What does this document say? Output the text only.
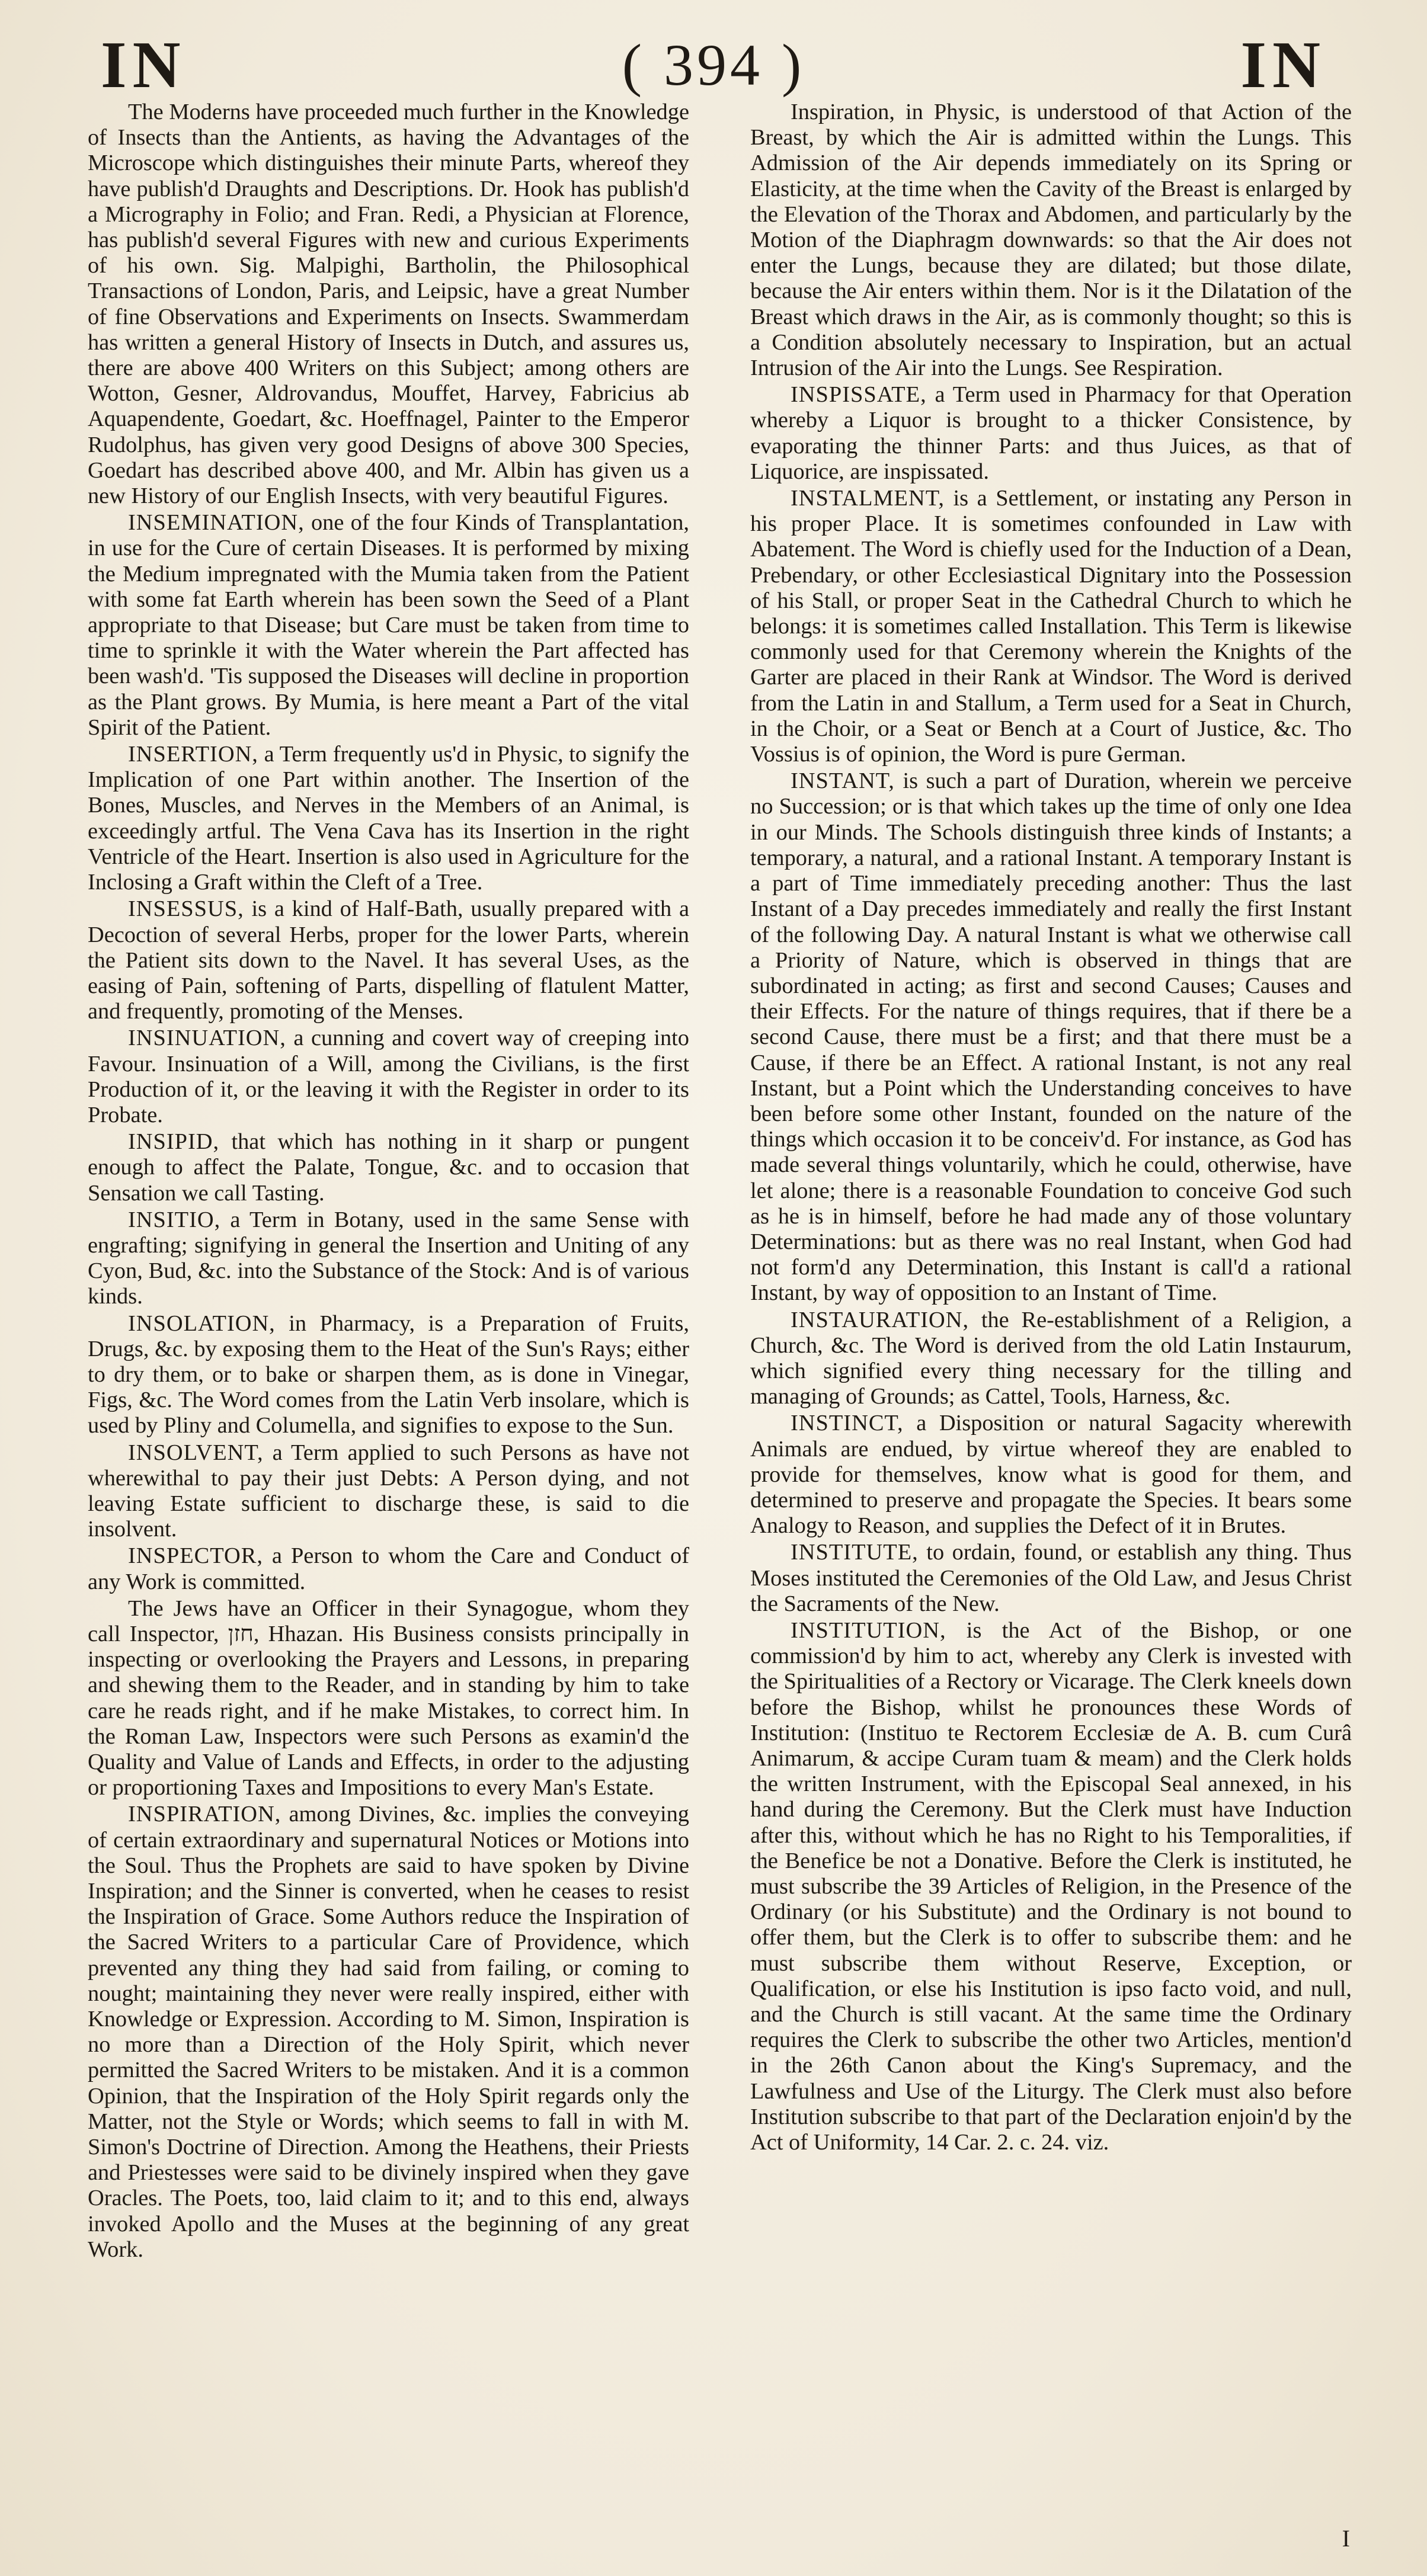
IN	( 394 )	IN

The Moderns have proceeded much further in the Knowledge of Insects than the Antients, as having the Advantages of the Microscope which distinguishes their minute Parts, whereof they have publish'd Draughts and Descriptions. Dr. Hook has publish'd a Micrography in Folio; and Fran. Redi, a Physician at Florence, has publish'd several Figures with new and curious Experiments of his own. Sig. Malpighi, Bartholin, the Philosophical Transactions of London, Paris, and Leipsic, have a great Number of fine Observations and Experiments on Insects. Swammerdam has written a general History of Insects in Dutch, and assures us, there are above 400 Writers on this Subject; among others are Wotton, Gesner, Aldrovandus, Mouffet, Harvey, Fabricius ab Aquapendente, Goedart, &c. Hoeffnagel, Painter to the Emperor Rudolphus, has given very good Designs of above 300 Species, Goedart has described above 400, and Mr. Albin has given us a new History of our English Insects, with very beautiful Figures.

INSEMINATION, one of the four Kinds of Transplantation, in use for the Cure of certain Diseases. It is performed by mixing the Medium impregnated with the Mumia taken from the Patient with some fat Earth wherein has been sown the Seed of a Plant appropriate to that Disease; but Care must be taken from time to time to sprinkle it with the Water wherein the Part affected has been wash'd. 'Tis supposed the Diseases will decline in proportion as the Plant grows. By Mumia, is here meant a Part of the vital Spirit of the Patient.

INSERTION, a Term frequently us'd in Physic, to signify the Implication of one Part within another. The Insertion of the Bones, Muscles, and Nerves in the Members of an Animal, is exceedingly artful. The Vena Cava has its Insertion in the right Ventricle of the Heart. Insertion is also used in Agriculture for the Inclosing a Graft within the Cleft of a Tree.

INSESSUS, is a kind of Half-Bath, usually prepared with a Decoction of several Herbs, proper for the lower Parts, wherein the Patient sits down to the Navel. It has several Uses, as the easing of Pain, softening of Parts, dispelling of flatulent Matter, and frequently, promoting of the Menses.

INSINUATION, a cunning and covert way of creeping into Favour. Insinuation of a Will, among the Civilians, is the first Production of it, or the leaving it with the Register in order to its Probate.

INSIPID, that which has nothing in it sharp or pungent enough to affect the Palate, Tongue, &c. and to occasion that Sensation we call Tasting.

INSITIO, a Term in Botany, used in the same Sense with engrafting; signifying in general the Insertion and Uniting of any Cyon, Bud, &c. into the Substance of the Stock: And is of various kinds.

INSOLATION, in Pharmacy, is a Preparation of Fruits, Drugs, &c. by exposing them to the Heat of the Sun's Rays; either to dry them, or to bake or sharpen them, as is done in Vinegar, Figs, &c. The Word comes from the Latin Verb insolare, which is used by Pliny and Columella, and signifies to expose to the Sun.

INSOLVENT, a Term applied to such Persons as have not wherewithal to pay their just Debts: A Person dying, and not leaving Estate sufficient to discharge these, is said to die insolvent.

INSPECTOR, a Person to whom the Care and Conduct of any Work is committed.

The Jews have an Officer in their Synagogue, whom they call Inspector, חזן, Hhazan. His Business consists principally in inspecting or overlooking the Prayers and Lessons, in preparing and shewing them to the Reader, and in standing by him to take care he reads right, and if he make Mistakes, to correct him. In the Roman Law, Inspectors were such Persons as examin'd the Quality and Value of Lands and Effects, in order to the adjusting or proportioning Taxes and Impositions to every Man's Estate.

INSPIRATION, among Divines, &c. implies the conveying of certain extraordinary and supernatural Notices or Motions into the Soul. Thus the Prophets are said to have spoken by Divine Inspiration; and the Sinner is converted, when he ceases to resist the Inspiration of Grace. Some Authors reduce the Inspiration of the Sacred Writers to a particular Care of Providence, which prevented any thing they had said from failing, or coming to nought; maintaining they never were really inspired, either with Knowledge or Expression. According to M. Simon, Inspiration is no more than a Direction of the Holy Spirit, which never permitted the Sacred Writers to be mistaken. And it is a common Opinion, that the Inspiration of the Holy Spirit regards only the Matter, not the Style or Words; which seems to fall in with M. Simon's Doctrine of Direction. Among the Heathens, their Priests and Priestesses were said to be divinely inspired when they gave Oracles. The Poets, too, laid claim to it; and to this end, always invoked Apollo and the Muses at the beginning of any great Work.

Inspiration, in Physic, is understood of that Action of the Breast, by which the Air is admitted within the Lungs. This Admission of the Air depends immediately on its Spring or Elasticity, at the time when the Cavity of the Breast is enlarged by the Elevation of the Thorax and Abdomen, and particularly by the Motion of the Diaphragm downwards: so that the Air does not enter the Lungs, because they are dilated; but those dilate, because the Air enters within them. Nor is it the Dilatation of the Breast which draws in the Air, as is commonly thought; so this is a Condition absolutely necessary to Inspiration, but an actual Intrusion of the Air into the Lungs. See Respiration.

INSPISSATE, a Term used in Pharmacy for that Operation whereby a Liquor is brought to a thicker Consistence, by evaporating the thinner Parts: and thus Juices, as that of Liquorice, are inspissated.

INSTALMENT, is a Settlement, or instating any Person in his proper Place. It is sometimes confounded in Law with Abatement. The Word is chiefly used for the Induction of a Dean, Prebendary, or other Ecclesiastical Dignitary into the Possession of his Stall, or proper Seat in the Cathedral Church to which he belongs: it is sometimes called Installation. This Term is likewise commonly used for that Ceremony wherein the Knights of the Garter are placed in their Rank at Windsor. The Word is derived from the Latin in and Stallum, a Term used for a Seat in Church, in the Choir, or a Seat or Bench at a Court of Justice, &c. Tho Vossius is of opinion, the Word is pure German.

INSTANT, is such a part of Duration, wherein we perceive no Succession; or is that which takes up the time of only one Idea in our Minds. The Schools distinguish three kinds of Instants; a temporary, a natural, and a rational Instant. A temporary Instant is a part of Time immediately preceding another: Thus the last Instant of a Day precedes immediately and really the first Instant of the following Day. A natural Instant is what we otherwise call a Priority of Nature, which is observed in things that are subordinated in acting; as first and second Causes; Causes and their Effects. For the nature of things requires, that if there be a second Cause, there must be a first; and that there must be a Cause, if there be an Effect. A rational Instant, is not any real Instant, but a Point which the Understanding conceives to have been before some other Instant, founded on the nature of the things which occasion it to be conceiv'd. For instance, as God has made several things voluntarily, which he could, otherwise, have let alone; there is a reasonable Foundation to conceive God such as he is in himself, before he had made any of those voluntary Determinations: but as there was no real Instant, when God had not form'd any Determination, this Instant is call'd a rational Instant, by way of opposition to an Instant of Time.

INSTAURATION, the Re-establishment of a Religion, a Church, &c. The Word is derived from the old Latin Instaurum, which signified every thing necessary for the tilling and managing of Grounds; as Cattel, Tools, Harness, &c.

INSTINCT, a Disposition or natural Sagacity wherewith Animals are endued, by virtue whereof they are enabled to provide for themselves, know what is good for them, and determined to preserve and propagate the Species. It bears some Analogy to Reason, and supplies the Defect of it in Brutes.

INSTITUTE, to ordain, found, or establish any thing. Thus Moses instituted the Ceremonies of the Old Law, and Jesus Christ the Sacraments of the New.

INSTITUTION, is the Act of the Bishop, or one commission'd by him to act, whereby any Clerk is invested with the Spiritualities of a Rectory or Vicarage. The Clerk kneels down before the Bishop, whilst he pronounces these Words of Institution: (Instituo te Rectorem Ecclesiæ de A. B. cum Curâ Animarum, & accipe Curam tuam & meam) and the Clerk holds the written Instrument, with the Episcopal Seal annexed, in his hand during the Ceremony. But the Clerk must have Induction after this, without which he has no Right to his Temporalities, if the Benefice be not a Donative. Before the Clerk is instituted, he must subscribe the 39 Articles of Religion, in the Presence of the Ordinary (or his Substitute) and the Ordinary is not bound to offer them, but the Clerk is to offer to subscribe them: and he must subscribe them without Reserve, Exception, or Qualification, or else his Institution is ipso facto void, and null, and the Church is still vacant. At the same time the Ordinary requires the Clerk to subscribe the other two Articles, mention'd in the 26th Canon about the King's Supremacy, and the Lawfulness and Use of the Liturgy. The Clerk must also before Institution subscribe to that part of the Declaration enjoin'd by the Act of Uniformity, 14 Car. 2. c. 24. viz.

I
